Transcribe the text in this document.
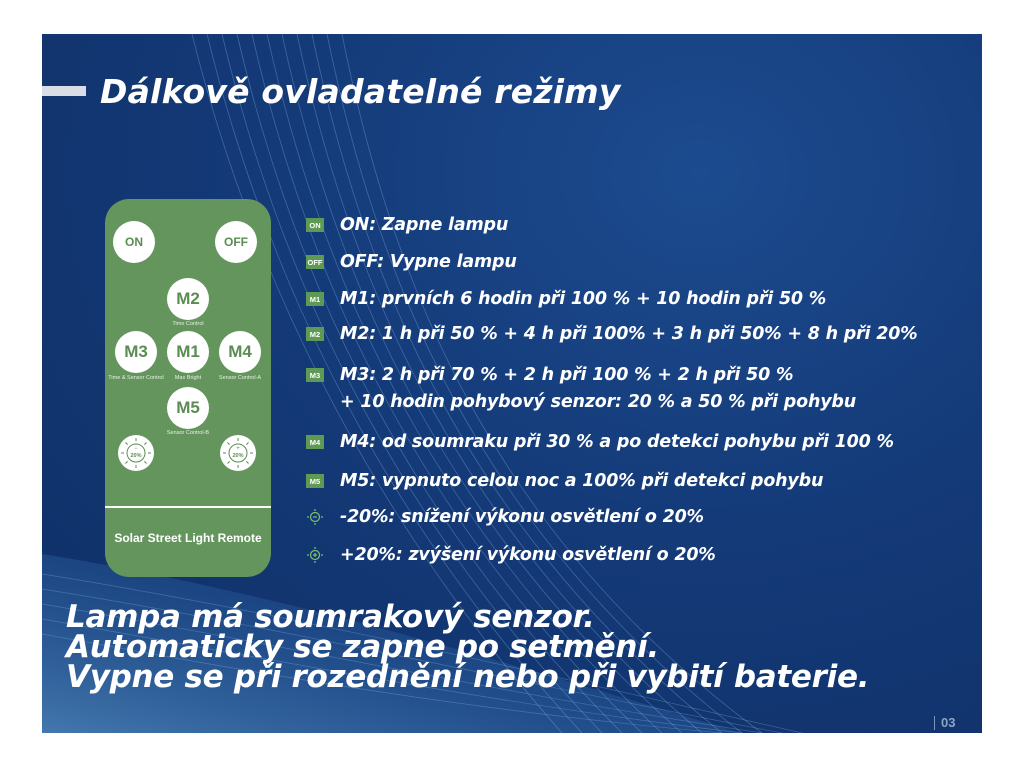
Dálkově ovladatelné režimy
ON	OFF
M2
Time Control
M3
Time & Sensor Control
M1
Max Bright
M4
Sensor Control-A
M5
Sensor Control-B
−
20%
+
20%
Solar Street Light Remote
ON ON: Zapne lampu
OFF OFF: Vypne lampu
M1 M1: prvních 6 hodin při 100 % + 10 hodin při 50 %
M2 M2: 1 h při 50 % + 4 h při 100% + 3 h při 50% + 8 h při 20%
M3 M3: 2 h při 70 % + 2 h při 100 % + 2 h při 50 %
+ 10 hodin pohybový senzor: 20 % a 50 % při pohybu
M4 M4: od soumraku při 30 % a po detekci pohybu při 100 %
M5 M5: vypnuto celou noc a 100% při detekci pohybu
-20%: snížení výkonu osvětlení o 20%
+20%: zvýšení výkonu osvětlení o 20%
Lampa má soumrakový senzor.
Automaticky se zapne po setmění.
Vypne se při rozednění nebo při vybití baterie.
03
